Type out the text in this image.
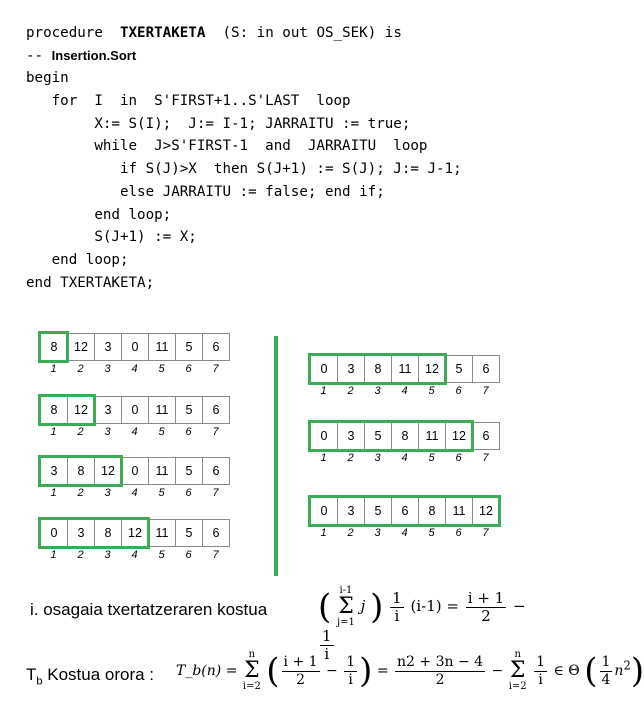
procedure TXERTAKETA (S: in out OS_SEK) is
-- Insertion.Sort
begin
for  I  in  S'FIRST+1..S'LAST  loop
X:= S(I);  J:= I-1; JARRAITU := true;
while  J>S'FIRST-1  and  JARRAITU  loop
if S(J)>X  then S(J+1) := S(J); J:= J-1;
else JARRAITU := false; end if;
end loop;
S(J+1) := X;
end loop;
end TXERTAKETA;
8	12	3	0	11	5	6
1	2	3	4	5	6	7
8	12	3	0	11	5	6
1	2	3	4	5	6	7
3	8	12	0	11	5	6
1	2	3	4	5	6	7
0	3	8	12	11	5	6
1	2	3	4	5	6	7
0	3	8	11	12	5	6
1	2	3	4	5	6	7
0	3	5	8	11	12	6
1	2	3	4	5	6	7
0	3	5	6	8	11	12
1	2	3	4	5	6	7
i. osagaia txertatzeraren kostua ( i-1
Σ
j=1
j ) $\frac{1}{i} (i-1) = \frac{i + 1}{2}$ −
$\frac{1}{i}$
$T_b$ Kostua orora : T_b(n) =
n
Σ
i=2 ( $\frac{i + 1}{2} - \frac{1}{i}$ ) = $\frac{n2 + 3n - 4}{2}$ −
n
Σ
i=2
$\frac{1}{i}$ ∈ Θ ( $\frac{1}{4} n^2$)
